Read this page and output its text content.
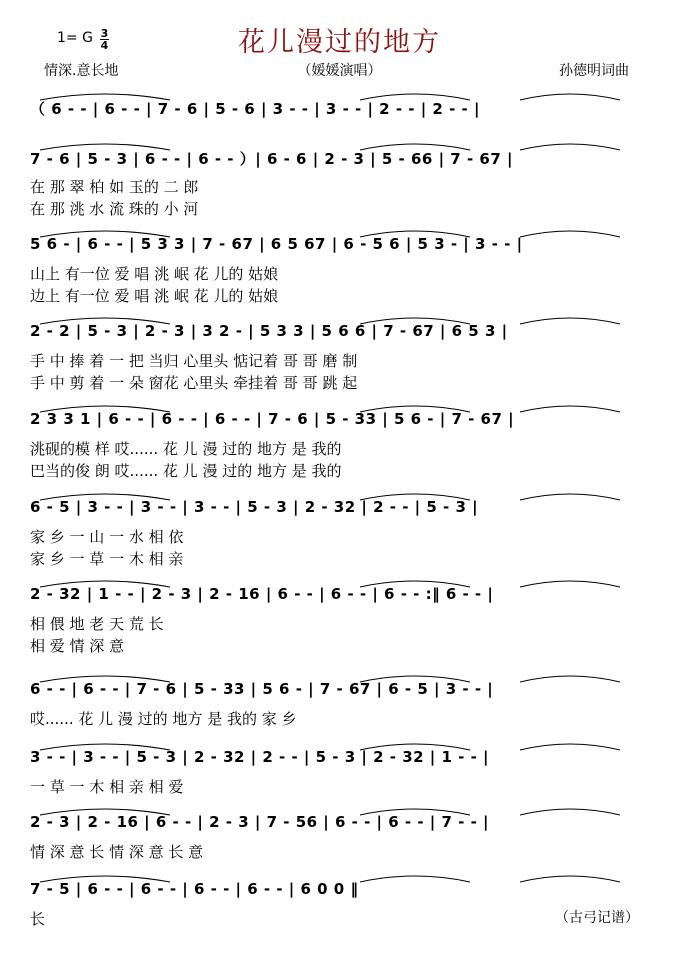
花儿漫过的地方
1= G 3
4
情深.意长地	（媛媛演唱）	孙德明词曲
（ 6 - - | 6 - - | 7 - 6 | 5 - 6 | 3 - - | 3 - - | 2 - - | 2 - - |
7 - 6 | 5 - 3 | 6 - - | 6 - - ）| 6 - 6 | 2 - 3 | 5 - 66 | 7 - 67 |
在 那 翠 柏 如 玉的 二 郎
在 那 洮 水 流 珠的 小 河
5 6 - | 6 - - | 5 3 3 | 7 - 67 | 6 5 67 | 6 - 5 6 | 5 3 - | 3 - - |
山上 有一位 爱 唱 洮 岷 花 儿的 姑娘
边上 有一位 爱 唱 洮 岷 花 儿的 姑娘
2 - 2 | 5 - 3 | 2 - 3 | 3 2 - | 5 3 3 | 5 6 6 | 7 - 67 | 6 5 3 |
手 中 捧 着 一 把 当归 心里头 惦记着 哥 哥 磨 制
手 中 剪 着 一 朵 窗花 心里头 牵挂着 哥 哥 跳 起
2 3 3 1 | 6 - - | 6 - - | 6 - - | 7 - 6 | 5 - 33 | 5 6 - | 7 - 67 |
洮砚的模 样 哎...... 花 儿 漫 过的 地方 是 我的
巴当的俊 朗 哎...... 花 儿 漫 过的 地方 是 我的
6 - 5 | 3 - - | 3 - - | 3 - - | 5 - 3 | 2 - 32 | 2 - - | 5 - 3 |
家 乡 一 山 一 水 相 依
家 乡 一 草 一 木 相 亲
2 - 32 | 1 - - | 2 - 3 | 2 - 16 | 6 - - | 6 - - | 6 - - :‖ 6 - - |
相 偎 地 老 天 荒 长
相 爱 情 深 意
6 - - | 6 - - | 7 - 6 | 5 - 33 | 5 6 - | 7 - 67 | 6 - 5 | 3 - - |
哎...... 花 儿 漫 过的 地方 是 我的 家 乡
3 - - | 3 - - | 5 - 3 | 2 - 32 | 2 - - | 5 - 3 | 2 - 32 | 1 - - |
一 草 一 木 相 亲 相 爱
2 - 3 | 2 - 16 | 6 - - | 2 - 3 | 7 - 56 | 6 - - | 6 - - | 7 - - |
情 深 意 长 情 深 意 长 意
7 - 5 | 6 - - | 6 - - | 6 - - | 6 - - | 6 0 0 ‖
长	（古弓记谱）
